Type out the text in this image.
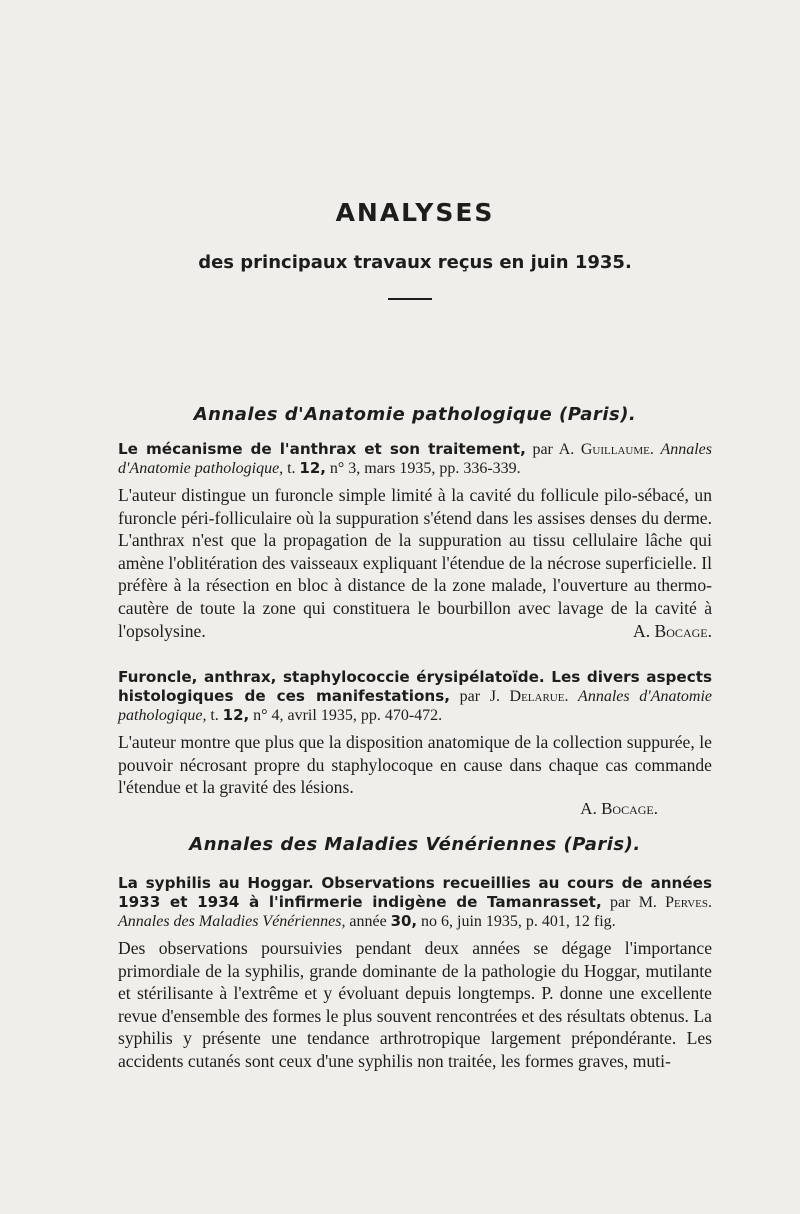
ANALYSES
des principaux travaux reçus en juin 1935.
Annales d'Anatomie pathologique (Paris).
Le mécanisme de l'anthrax et son traitement, par A. Guillaume. Annales d'Anatomie pathologique, t. 12, n° 3, mars 1935, pp. 336-339.
L'auteur distingue un furoncle simple limité à la cavité du follicule pilo-sébacé, un furoncle péri-folliculaire où la suppuration s'étend dans les assises denses du derme. L'anthrax n'est que la propagation de la suppuration au tissu cellulaire lâche qui amène l'oblitération des vaisseaux expliquant l'étendue de la nécrose superficielle. Il préfère à la résection en bloc à distance de la zone malade, l'ouverture au thermo-cautère de toute la zone qui constituera le bourbillon avec lavage de la cavité à l'opsolysine.	A. Bocage.
Furoncle, anthrax, staphylococcie érysipélatoïde. Les divers aspects histologiques de ces manifestations, par J. Delarue. Annales d'Anatomie pathologique, t. 12, n° 4, avril 1935, pp. 470-472.
L'auteur montre que plus que la disposition anatomique de la collection suppurée, le pouvoir nécrosant propre du staphylocoque en cause dans chaque cas commande l'étendue et la gravité des lésions.
A. Bocage.
Annales des Maladies Vénériennes (Paris).
La syphilis au Hoggar. Observations recueillies au cours de années 1933 et 1934 à l'infirmerie indigène de Tamanrasset, par M. Perves. Annales des Maladies Vénériennes, année 30, no 6, juin 1935, p. 401, 12 fig.
Des observations poursuivies pendant deux années se dégage l'importance primordiale de la syphilis, grande dominante de la pathologie du Hoggar, mutilante et stérilisante à l'extrême et y évoluant depuis longtemps. P. donne une excellente revue d'ensemble des formes le plus souvent rencontrées et des résultats obtenus. La syphilis y présente une tendance arthrotropique largement prépondérante. Les accidents cutanés sont ceux d'une syphilis non traitée, les formes graves, muti-
